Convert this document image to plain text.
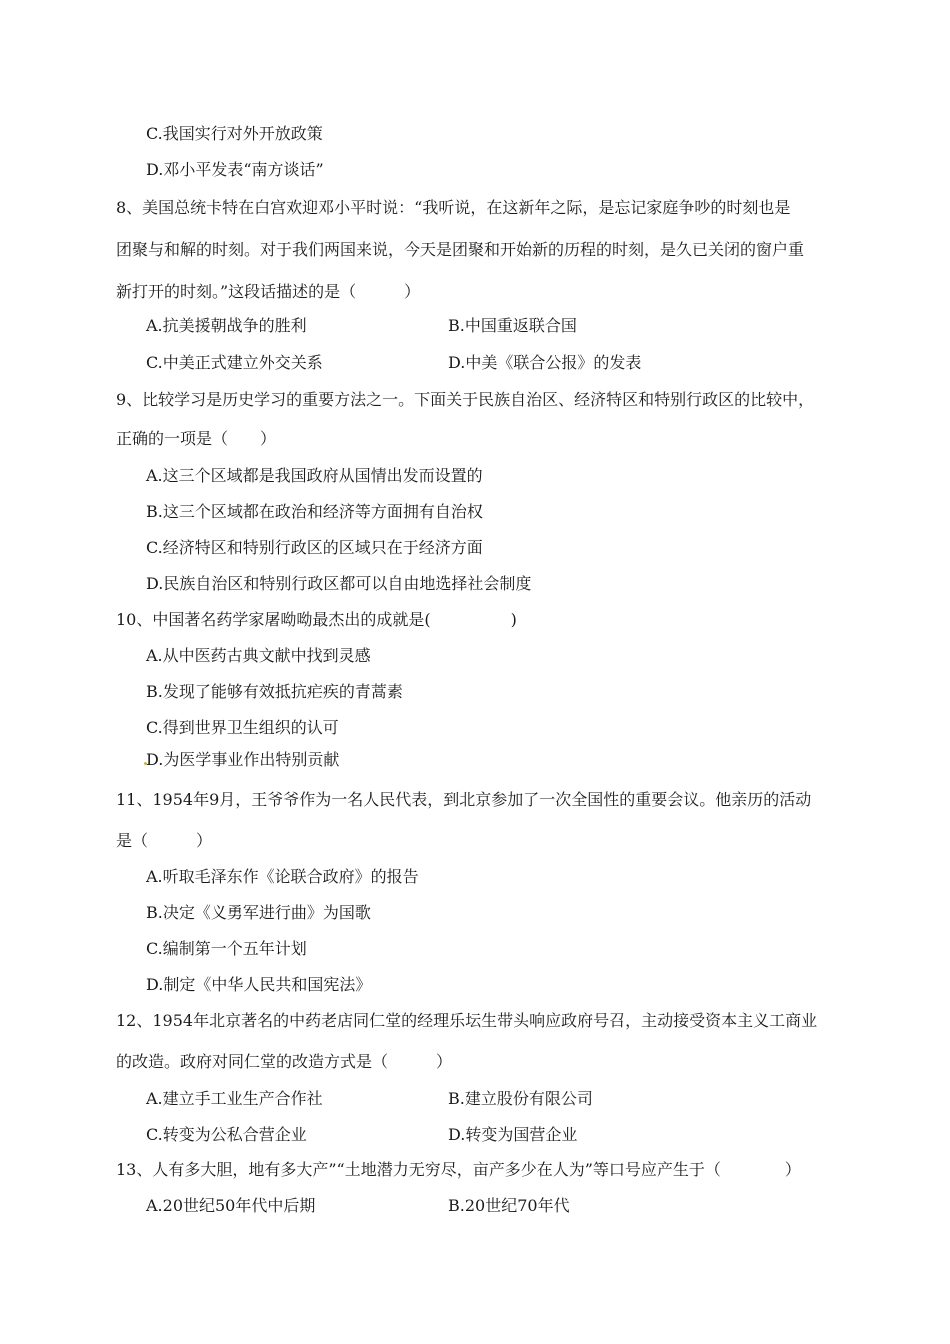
C.我国实行对外开放政策
D.邓小平发表“南方谈话”
8、美国总统卡特在白宫欢迎邓小平时说：“我听说，在这新年之际，是忘记家庭争吵的时刻也是
团聚与和解的时刻。对于我们两国来说，今天是团聚和开始新的历程的时刻，是久已关闭的窗户重
新打开的时刻。”这段话描述的是（　　　）
A.抗美援朝战争的胜利	B.中国重返联合国
C.中美正式建立外交关系	D.中美《联合公报》的发表
9、比较学习是历史学习的重要方法之一。下面关于民族自治区、经济特区和特别行政区的比较中，
正确的一项是（　　）
A.这三个区域都是我国政府从国情出发而设置的
B.这三个区域都在政治和经济等方面拥有自治权
C.经济特区和特别行政区的区域只在于经济方面
D.民族自治区和特别行政区都可以自由地选择社会制度
10、中国著名药学家屠呦呦最杰出的成就是(　　　　　)
A.从中医药古典文献中找到灵感
B.发现了能够有效抵抗疟疾的青蒿素
C.得到世界卫生组织的认可
D.为医学事业作出特别贡献
11、1954年9月，王爷爷作为一名人民代表，到北京参加了一次全国性的重要会议。他亲历的活动
是（　　　）
A.听取毛泽东作《论联合政府》的报告
B.决定《义勇军进行曲》为国歌
C.编制第一个五年计划
D.制定《中华人民共和国宪法》
12、1954年北京著名的中药老店同仁堂的经理乐坛生带头响应政府号召，主动接受资本主义工商业
的改造。政府对同仁堂的改造方式是（　　　）
A.建立手工业生产合作社	B.建立股份有限公司
C.转变为公私合营企业	D.转变为国营企业
13、人有多大胆，地有多大产”“土地潜力无穷尽，亩产多少在人为”等口号应产生于（　　　　）
A.20世纪50年代中后期	B.20世纪70年代
